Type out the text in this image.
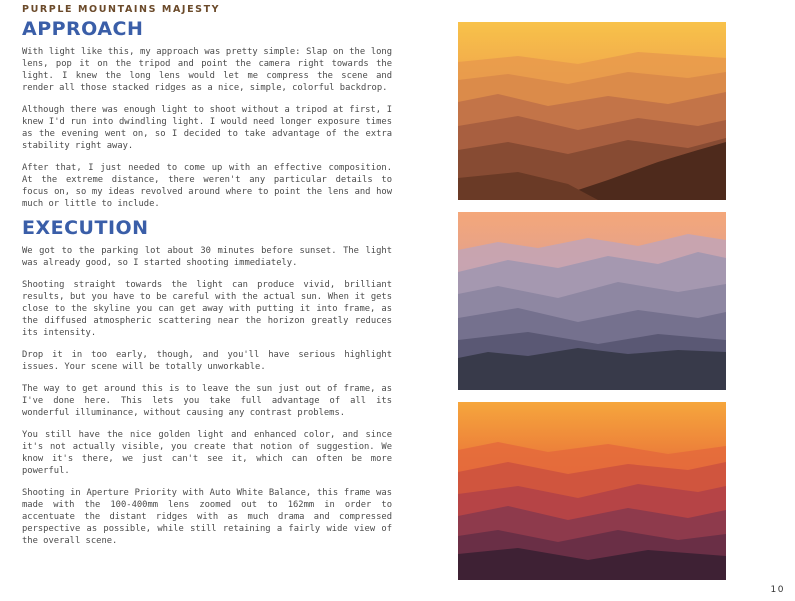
PURPLE MOUNTAINS MAJESTY
APPROACH

With light like this, my approach was pretty simple: Slap on the long lens, pop it on the tripod and point the camera right towards the light. I knew the long lens would let me compress the scene and render all those stacked ridges as a nice, simple, colorful backdrop.

Although there was enough light to shoot without a tripod at first, I knew I'd run into dwindling light. I would need longer exposure times as the evening went on, so I decided to take advantage of the extra stability right away.

After that, I just needed to come up with an effective composition. At the extreme distance, there weren't any particular details to focus on, so my ideas revolved around where to point the lens and how much or little to include.

EXECUTION

We got to the parking lot about 30 minutes before sunset. The light was already good, so I started shooting immediately.

Shooting straight towards the light can produce vivid, brilliant results, but you have to be careful with the actual sun. When it gets close to the skyline you can get away with putting it into frame, as the diffused atmospheric scattering near the horizon greatly reduces its intensity.

Drop it in too early, though, and you'll have serious highlight issues. Your scene will be totally unworkable.

The way to get around this is to leave the sun just out of frame, as I've done here. This lets you take full advantage of all its wonderful illuminance, without causing any contrast problems.

You still have the nice golden light and enhanced color, and since it's not actually visible, you create that notion of suggestion. We know it's there, we just can't see it, which can often be more powerful.

Shooting in Aperture Priority with Auto White Balance, this frame was made with the 100-400mm lens zoomed out to 162mm in order to accentuate the distant ridges with as much drama and compressed perspective as possible, while still retaining a fairly wide view of the overall scene.

10
